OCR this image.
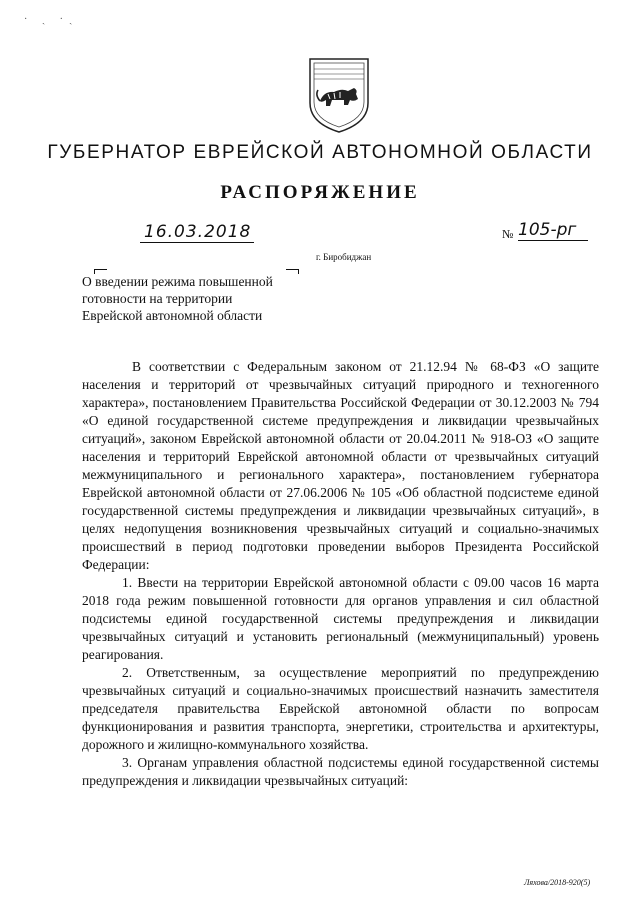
· ˏ ·ˏ
ГУБЕРНАТОР ЕВРЕЙСКОЙ АВТОНОМНОЙ ОБЛАСТИ
РАСПОРЯЖЕНИЕ
16.03.2018	№ 105-рг
г. Биробиджан
О введении режима повышенной
готовности на территории
Еврейской автономной области

В соответствии с Федеральным законом от 21.12.94 № 68-ФЗ «О защите населения и территорий от чрезвычайных ситуаций природного и техногенного характера», постановлением Правительства Российской Федерации от 30.12.2003 № 794 «О единой государственной системе предупреждения и ликвидации чрезвычайных ситуаций», законом Еврейской автономной области от 20.04.2011 № 918-ОЗ «О защите населения и территорий Еврейской автономной области от чрезвычайных ситуаций межмуниципального и регионального характера», постановлением губернатора Еврейской автономной области от 27.06.2006 № 105 «Об областной подсистеме единой государственной системы предупреждения и ликвидации чрезвычайных ситуаций», в целях недопущения возникновения чрезвычайных ситуаций и социально-значимых происшествий в период подготовки проведении выборов Президента Российской Федерации:

1. Ввести на территории Еврейской автономной области с 09.00 часов 16 марта 2018 года режим повышенной готовности для органов управления и сил областной подсистемы единой государственной системы предупреждения и ликвидации чрезвычайных ситуаций и установить региональный (межмуниципальный) уровень реагирования.

2. Ответственным, за осуществление мероприятий по предупреждению чрезвычайных ситуаций и социально-значимых происшествий назначить заместителя председателя правительства Еврейской автономной области по вопросам функционирования и развития транспорта, энергетики, строительства и архитектуры, дорожного и жилищно-коммунального хозяйства.

3. Органам управления областной подсистемы единой государственной системы предупреждения и ликвидации чрезвычайных ситуаций:

Ляхова/2018-920(5)
